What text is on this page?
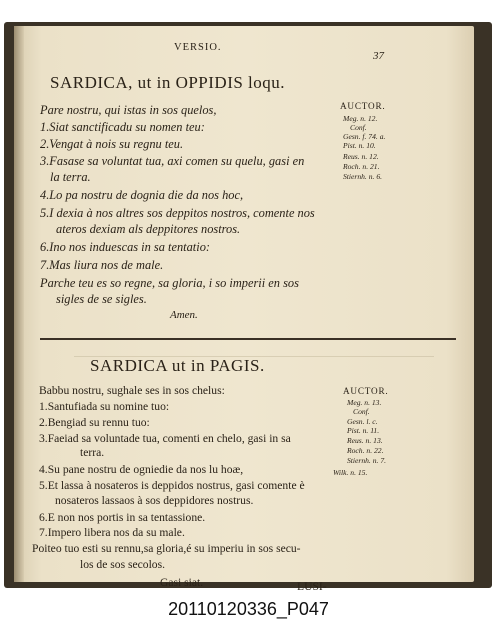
VERSIO.
37
SARDICA, ut in OPPIDIS loqu.
Pare nostru, qui istas in sos quelos,
1.Siat sanctificadu su nomen teu:
2.Vengat à nois su regnu teu.
3.Fasase sa voluntat tua, axi comen su quelu, gasi en
la terra.
4.Lo pa nostru de dognia die da nos hoc,
5.I dexia à nos altres sos deppitos nostros, comente nos
ateros dexiam als deppitores nostros.
6.Ino nos induescas in sa tentatio:
7.Mas liura nos de male.
Parche teu es so regne, sa gloria, i so imperii en sos
sigles de se sigles.
Amen.
AUCTOR.
Meg. n. 12.
Conf.
Gesn. f. 74. a.
Pist. n. 10.
Reus. n. 12.
Roch. n. 21.
Stiernh. n. 6.
SARDICA ut in PAGIS.
Babbu nostru, sughale ses in sos chelus:
1.Santufiada su nomine tuo:
2.Bengiad su rennu tuo:
3.Faeiad sa voluntade tua, comenti en chelo, gasi in sa
terra.
4.Su pane nostru de ogniedie da nos lu hoæ,
5.Et lassa à nosateros is deppidos nostrus, gasi comente è
nosateros lassaos à sos deppidores nostrus.
6.E non nos portis in sa tentassione.
7.Impero libera nos da su male.
Poiteo tuo esti su rennu,sa gloria,é su imperiu in sos secu-
los de sos secolos.
Gasi siat.	LUSI-
AUCTOR.
Meg. n. 13.
Conf.
Gesn. l. c.
Pist. n. 11.
Reus. n. 13.
Roch. n. 22.
Stiernh. n. 7.
Wilk. n. 15.
20110120336_P047
